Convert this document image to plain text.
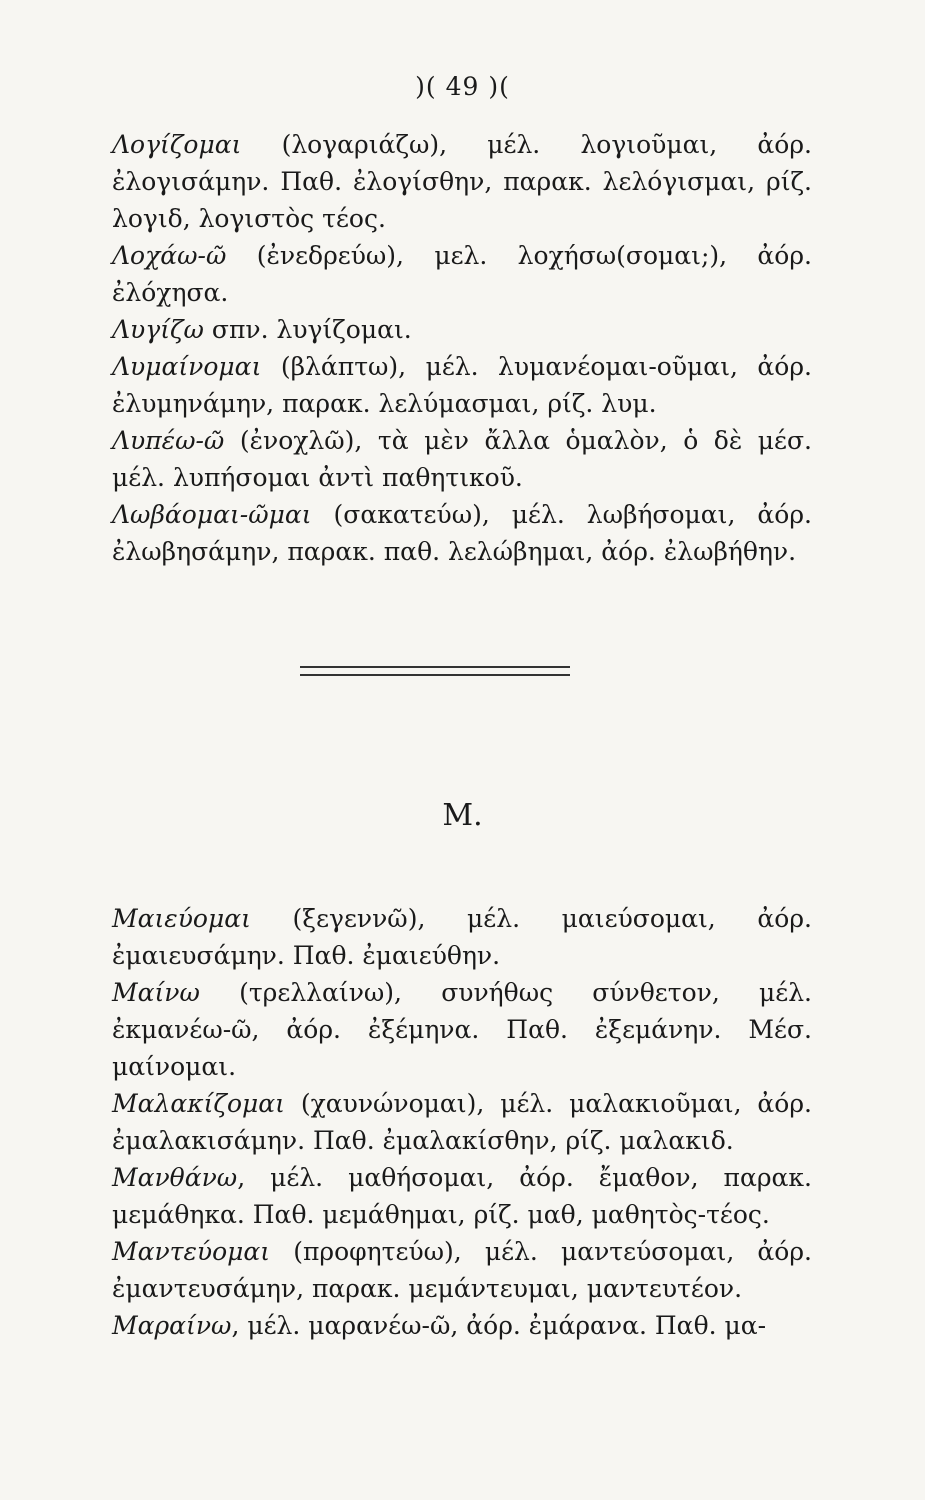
)( 49 )(

Λογίζομαι (λογαριάζω), μέλ. λογιοῦμαι, ἀόρ. ἐλογισάμην. Παθ. ἐλογίσθην, παρακ. λελόγισμαι, ρίζ. λογιδ, λογιστὸς τέος.

Λοχάω-ῶ (ἐνεδρεύω), μελ. λοχήσω(σομαι;), ἀόρ. ἐλόχησα.

Λυγίζω σπν. λυγίζομαι.

Λυμαίνομαι (βλάπτω), μέλ. λυμανέομαι-οῦμαι, ἀόρ. ἐλυμηνάμην, παρακ. λελύμασμαι, ρίζ. λυμ.

Λυπέω-ῶ (ἐνοχλῶ), τὰ μὲν ἄλλα ὁμαλὸν, ὁ δὲ μέσ. μέλ. λυπήσομαι ἀντὶ παθητικοῦ.

Λωβάομαι-ῶμαι (σακατεύω), μέλ. λωβήσομαι, ἀόρ. ἐλωβησάμην, παρακ. παθ. λελώβημαι, ἀόρ. ἐλωβήθην.

Μ.

Μαιεύομαι (ξεγεννῶ), μέλ. μαιεύσομαι, ἀόρ. ἐμαιευσάμην. Παθ. ἐμαιεύθην.

Μαίνω (τρελλαίνω), συνήθως σύνθετον, μέλ. ἐκμανέω-ῶ, ἀόρ. ἐξέμηνα. Παθ. ἐξεμάνην. Μέσ. μαίνομαι.

Μαλακίζομαι (χαυνώνομαι), μέλ. μαλακιοῦμαι, ἀόρ. ἐμαλακισάμην. Παθ. ἐμαλακίσθην, ρίζ. μαλακιδ.

Μανθάνω, μέλ. μαθήσομαι, ἀόρ. ἔμαθον, παρακ. μεμάθηκα. Παθ. μεμάθημαι, ρίζ. μαθ, μαθητὸς-τέος.

Μαντεύομαι (προφητεύω), μέλ. μαντεύσομαι, ἀόρ. ἐμαντευσάμην, παρακ. μεμάντευμαι, μαντευτέον.

Μαραίνω, μέλ. μαρανέω-ῶ, ἀόρ. ἐμάρανα. Παθ. μα-
